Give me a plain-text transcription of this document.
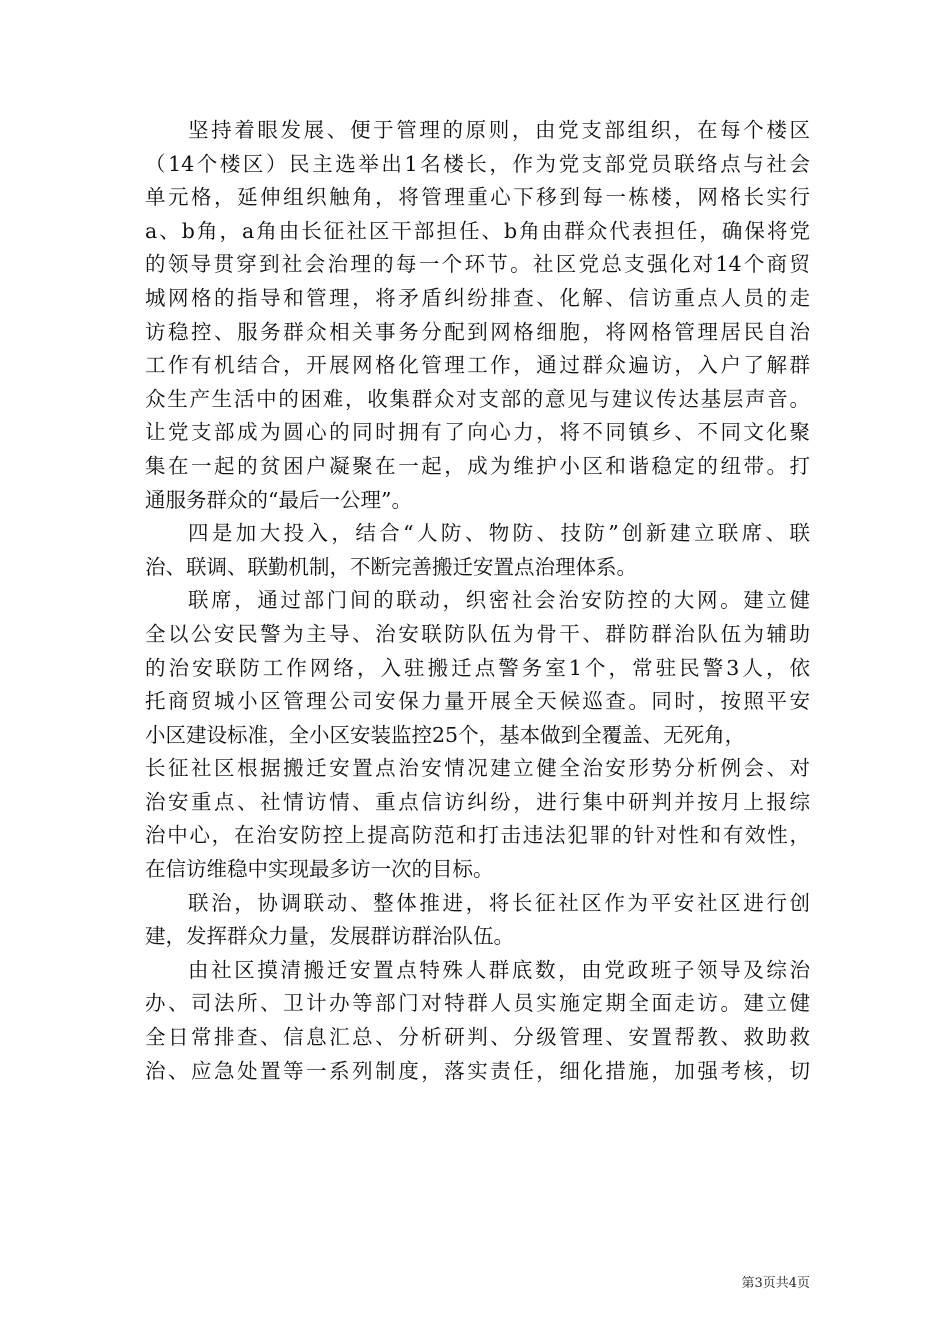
坚持着眼发展、便于管理的原则，由党支部组织，在每个楼区
（14个楼区）民主选举出1名楼长，作为党支部党员联络点与社会
单元格，延伸组织触角，将管理重心下移到每一栋楼，网格长实行
a、b角，a角由长征社区干部担任、b角由群众代表担任，确保将党
的领导贯穿到社会治理的每一个环节。社区党总支强化对14个商贸
城网格的指导和管理，将矛盾纠纷排查、化解、信访重点人员的走
访稳控、服务群众相关事务分配到网格细胞，将网格管理居民自治
工作有机结合，开展网格化管理工作，通过群众遍访，入户了解群
众生产生活中的困难，收集群众对支部的意见与建议传达基层声音。
让党支部成为圆心的同时拥有了向心力，将不同镇乡、不同文化聚
集在一起的贫困户凝聚在一起，成为维护小区和谐稳定的纽带。打
通服务群众的“最后一公理”。
四是加大投入，结合“人防、物防、技防”创新建立联席、联
治、联调、联勤机制，不断完善搬迁安置点治理体系。
联席，通过部门间的联动，织密社会治安防控的大网。建立健
全以公安民警为主导、治安联防队伍为骨干、群防群治队伍为辅助
的治安联防工作网络，入驻搬迁点警务室1个，常驻民警3人，依
托商贸城小区管理公司安保力量开展全天候巡查。同时，按照平安
小区建设标准，全小区安装监控25个，基本做到全覆盖、无死角，
长征社区根据搬迁安置点治安情况建立健全治安形势分析例会、对
治安重点、社情访情、重点信访纠纷，进行集中研判并按月上报综
治中心，在治安防控上提高防范和打击违法犯罪的针对性和有效性，
在信访维稳中实现最多访一次的目标。
联治，协调联动、整体推进，将长征社区作为平安社区进行创
建，发挥群众力量，发展群访群治队伍。
由社区摸清搬迁安置点特殊人群底数，由党政班子领导及综治
办、司法所、卫计办等部门对特群人员实施定期全面走访。建立健
全日常排查、信息汇总、分析研判、分级管理、安置帮教、救助救
治、应急处置等一系列制度，落实责任，细化措施，加强考核，切
第3页共4页
